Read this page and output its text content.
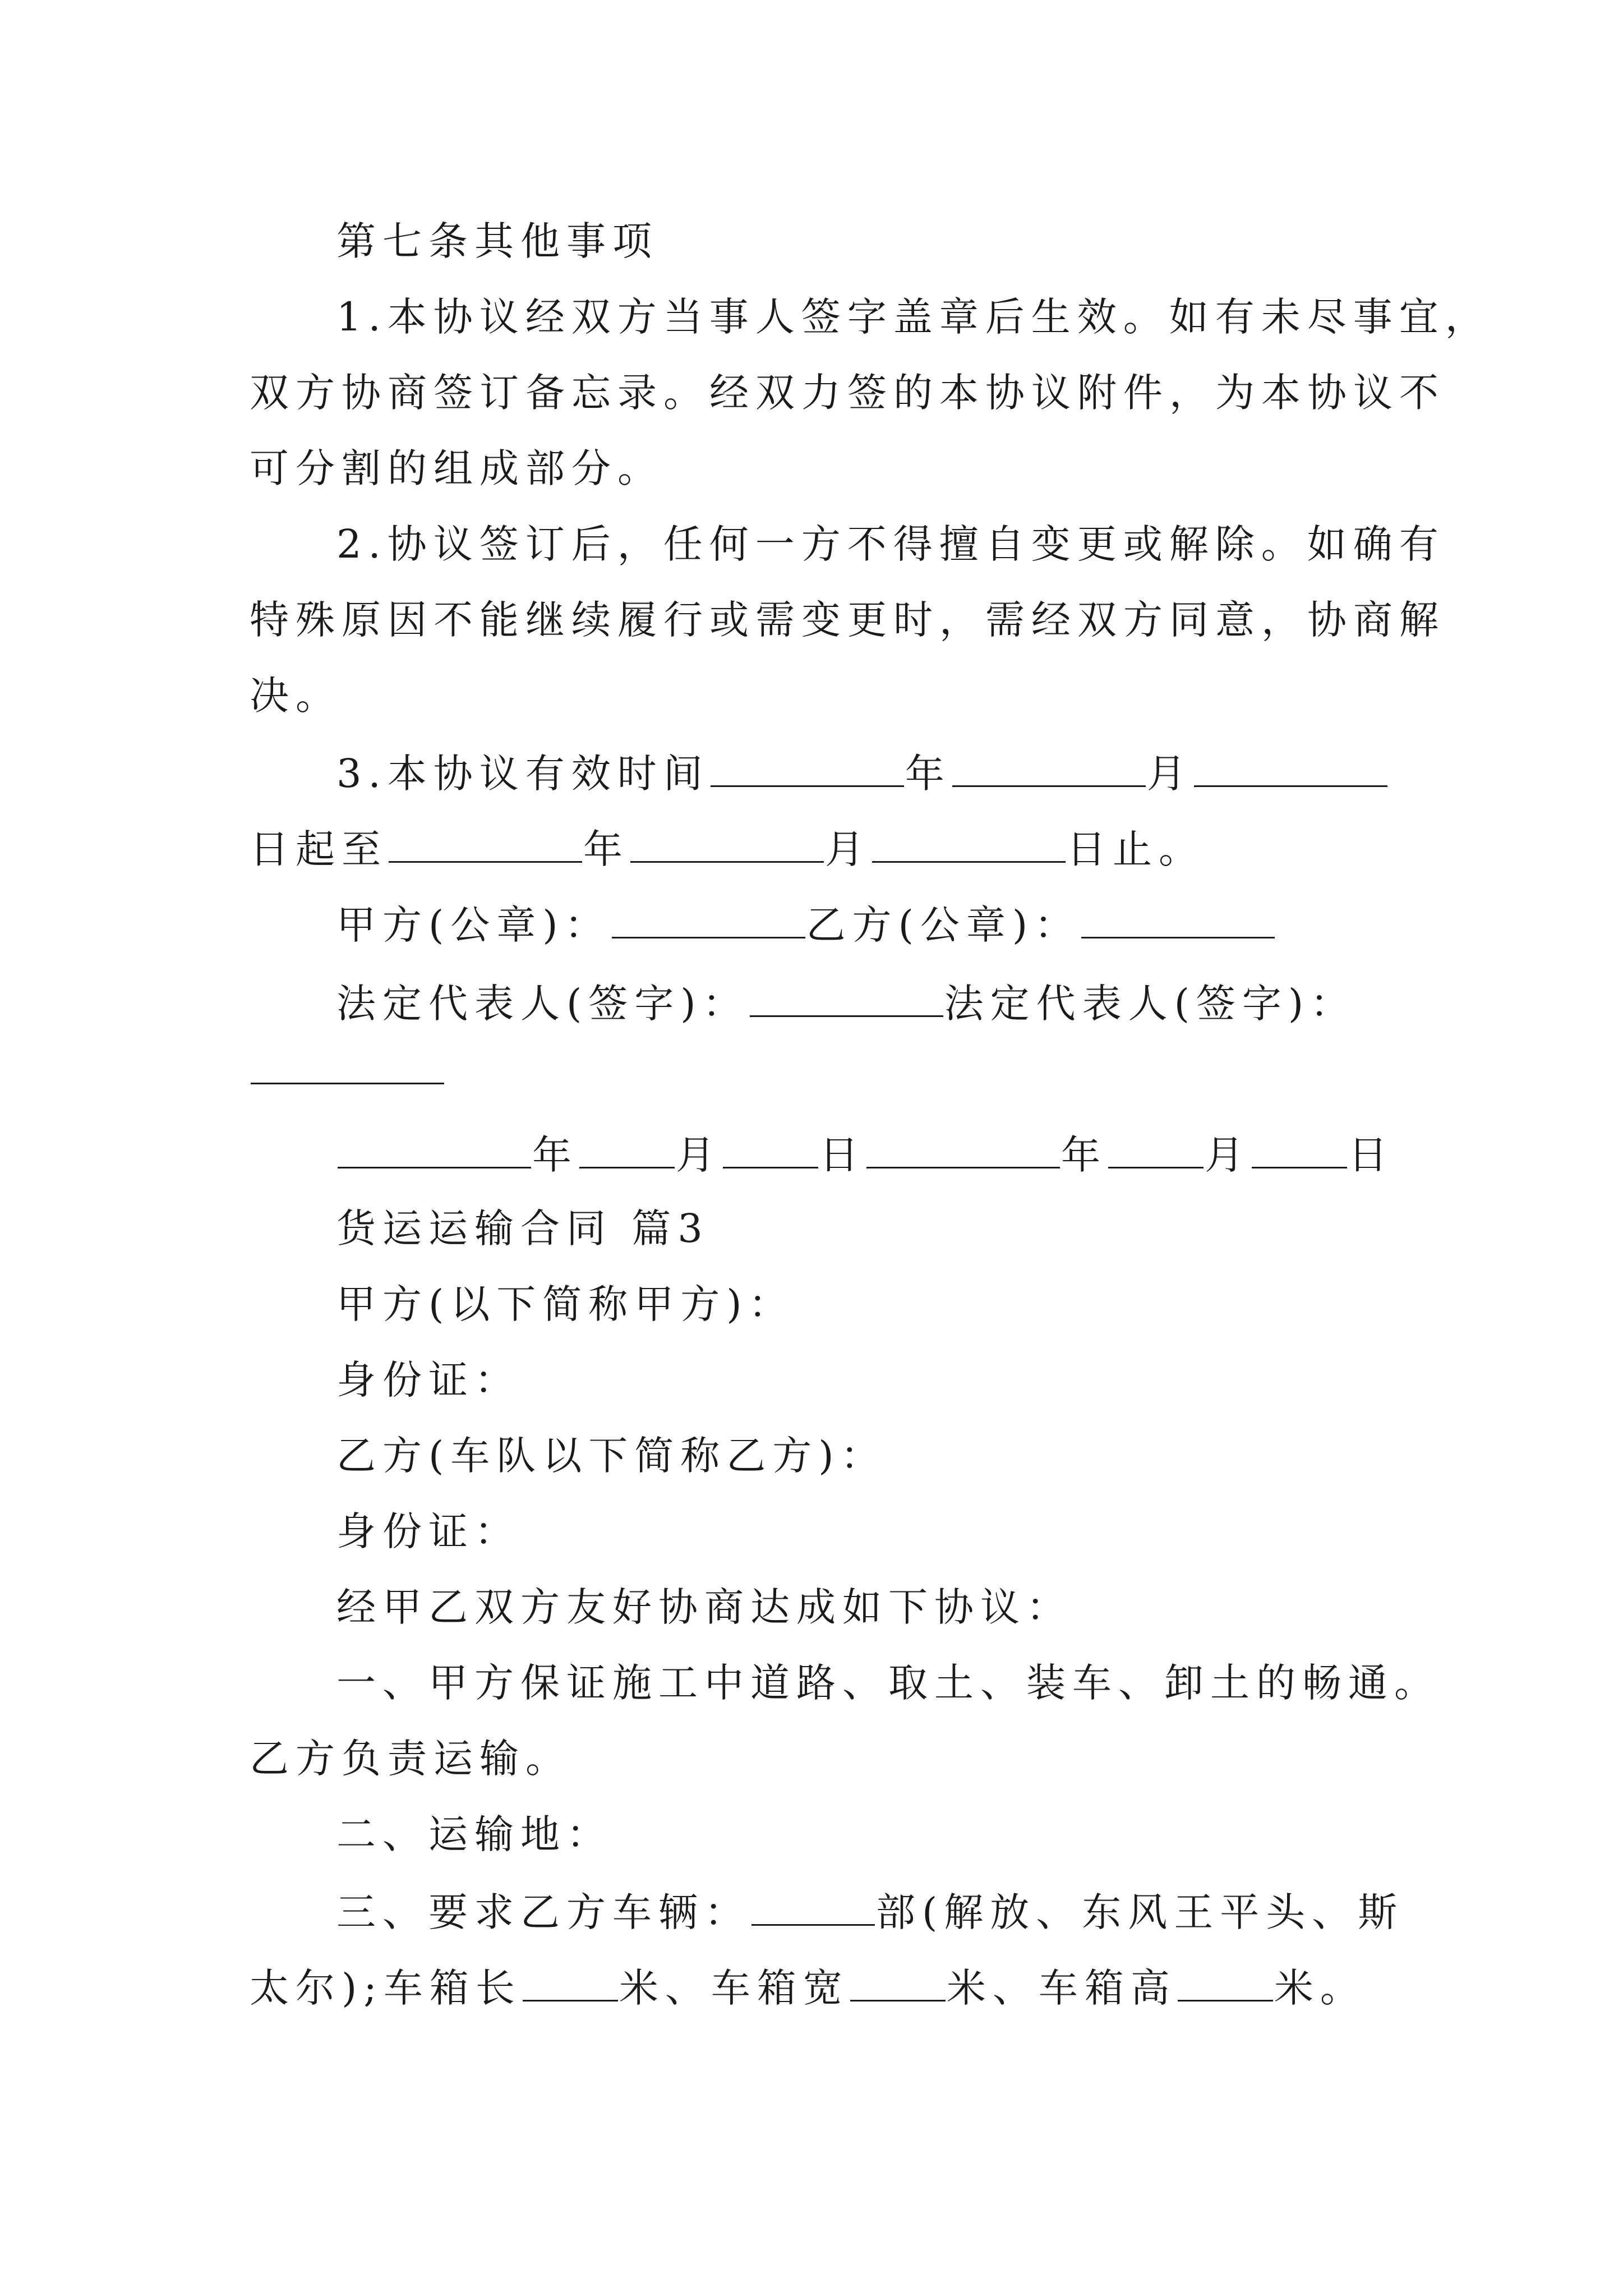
第七条其他事项
1.本协议经双方当事人签字盖章后生效。如有未尽事宜，
双方协商签订备忘录。经双力签的本协议附件，为本协议不
可分割的组成部分。
2.协议签订后，任何一方不得擅自变更或解除。如确有
特殊原因不能继续履行或需变更时，需经双方同意，协商解
决。
3.本协议有效时间	年	月
日起至	年	月	日止。
甲方(公章)：	乙方(公章)：
法定代表人(签字)：	法定代表人(签字)：
年 月 日	年 月 日
货运运输合同 篇3
甲方(以下简称甲方)：
身份证：
乙方(车队以下简称乙方)：
身份证：
经甲乙双方友好协商达成如下协议：
一、甲方保证施工中道路、取土、装车、卸土的畅通。
乙方负责运输。
二、运输地：
三、要求乙方车辆：	部(解放、东风王平头、斯
太尔);车箱长 米、车箱宽 米、车箱高 米。
